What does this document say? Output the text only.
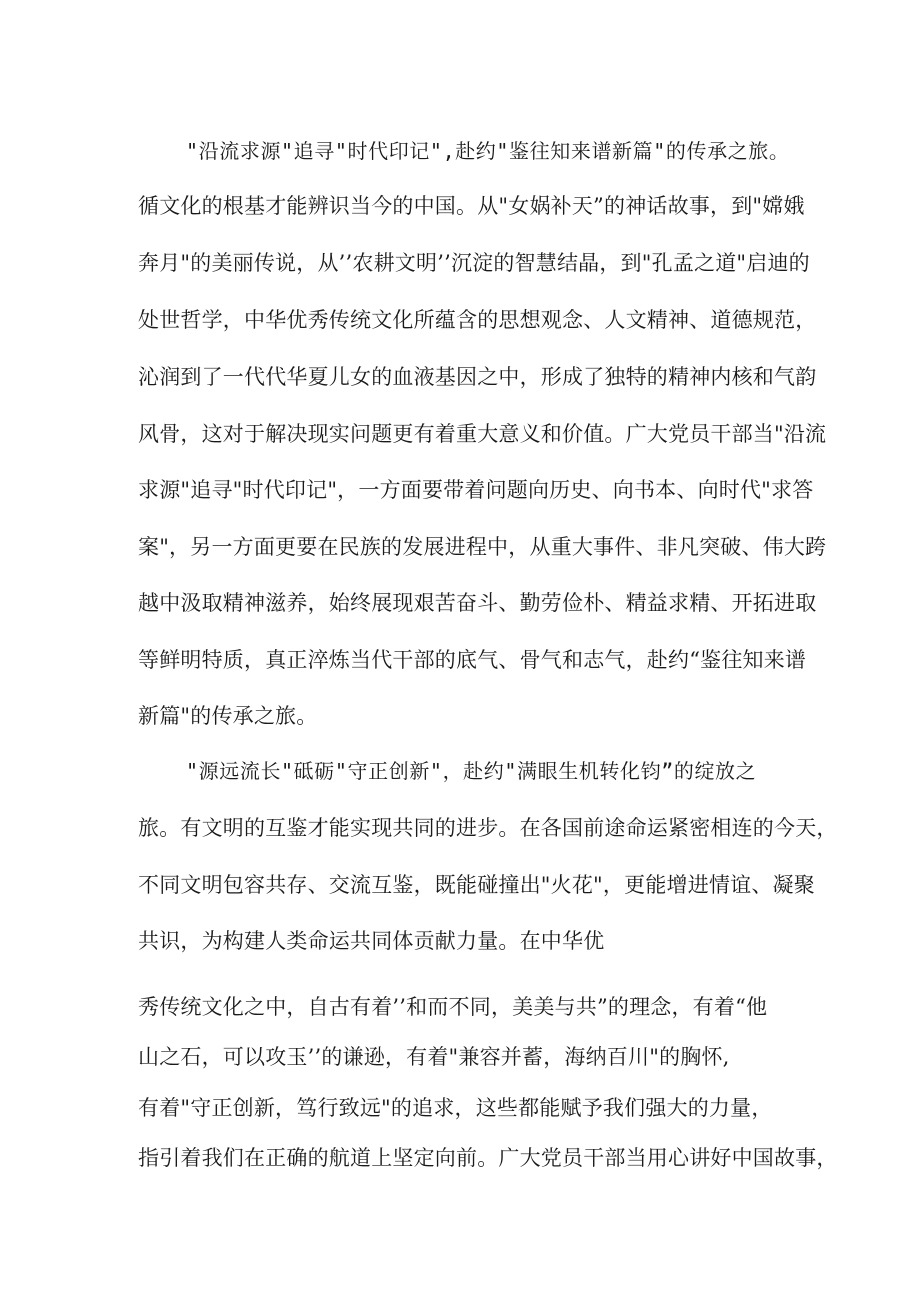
"沿流求源"追寻"时代印记",赴约"鉴往知来谱新篇"的传承之旅。
循文化的根基才能辨识当今的中国。从"女娲补天”的神话故事，到"嫦娥
奔月"的美丽传说，从’’农耕文明’’沉淀的智慧结晶，到"孔孟之道"启迪的
处世哲学，中华优秀传统文化所蕴含的思想观念、人文精神、道德规范，
沁润到了一代代华夏儿女的血液基因之中，形成了独特的精神内核和气韵
风骨，这对于解决现实问题更有着重大意义和价值。广大党员干部当"沿流
求源"追寻"时代印记"，一方面要带着问题向历史、向书本、向时代"求答
案"，另一方面更要在民族的发展进程中，从重大事件、非凡突破、伟大跨
越中汲取精神滋养，始终展现艰苦奋斗、勤劳俭朴、精益求精、开拓进取
等鲜明特质，真正淬炼当代干部的底气、骨气和志气，赴约“鉴往知来谱
新篇"的传承之旅。
"源远流长"砥砺"守正创新"，赴约"满眼生机转化钧”的绽放之
旅。有文明的互鉴才能实现共同的进步。在各国前途命运紧密相连的今天，
不同文明包容共存、交流互鉴，既能碰撞出"火花"，更能增进情谊、凝聚
共识，为构建人类命运共同体贡献力量。在中华优
秀传统文化之中，自古有着’’和而不同，美美与共”的理念，有着“他
山之石，可以攻玉’’的谦逊，有着"兼容并蓄，海纳百川"的胸怀,
有着"守正创新，笃行致远"的追求，这些都能赋予我们强大的力量，
指引着我们在正确的航道上坚定向前。广大党员干部当用心讲好中国故事，
